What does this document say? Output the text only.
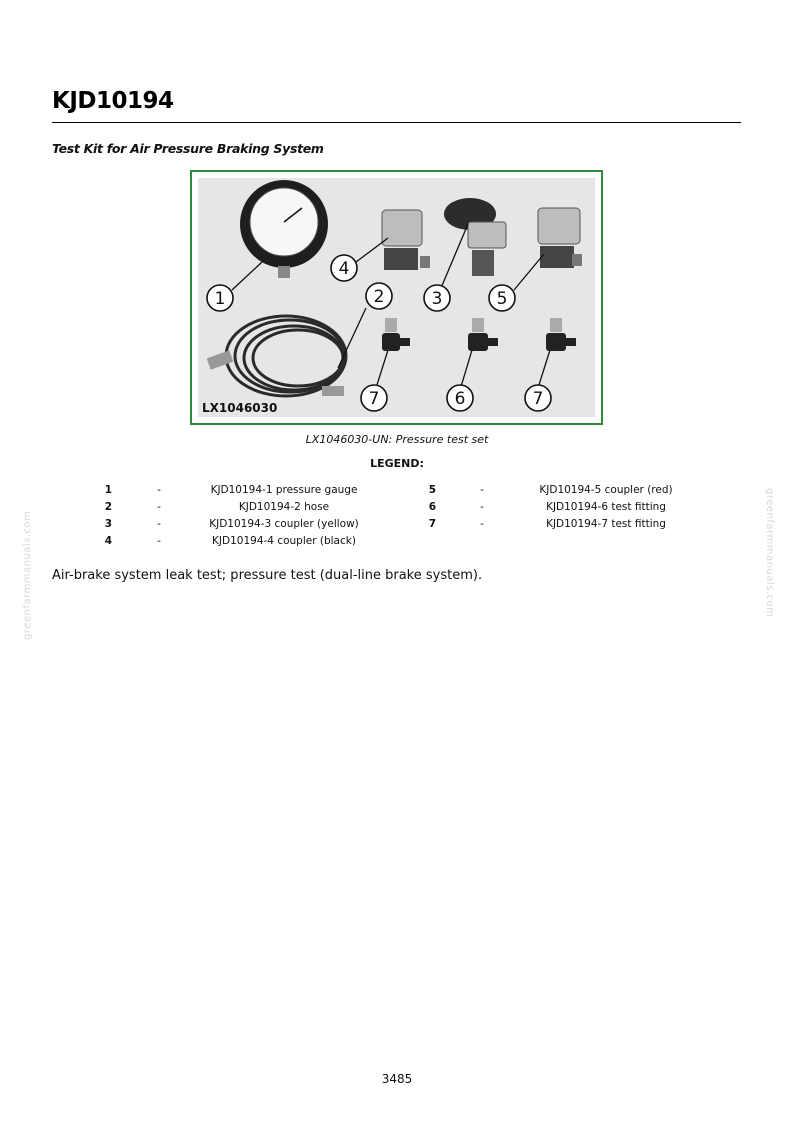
KJD10194
Test Kit for Air Pressure Braking System
1
4
2	3	5
7	6	7
LX1046030
LX1046030-UN: Pressure test set
LEGEND:
1	-	KJD10194-1 pressure gauge
2	-	KJD10194-2 hose
3	-	KJD10194-3 coupler (yellow)
4	-	KJD10194-4 coupler (black)
5	-	KJD10194-5 coupler (red)
6	-	KJD10194-6 test fitting
7	-	KJD10194-7 test fitting
Air-brake system leak test; pressure test (dual-line brake system).
greenfarmmanuals.com	greenfarmmanuals.com
3485
